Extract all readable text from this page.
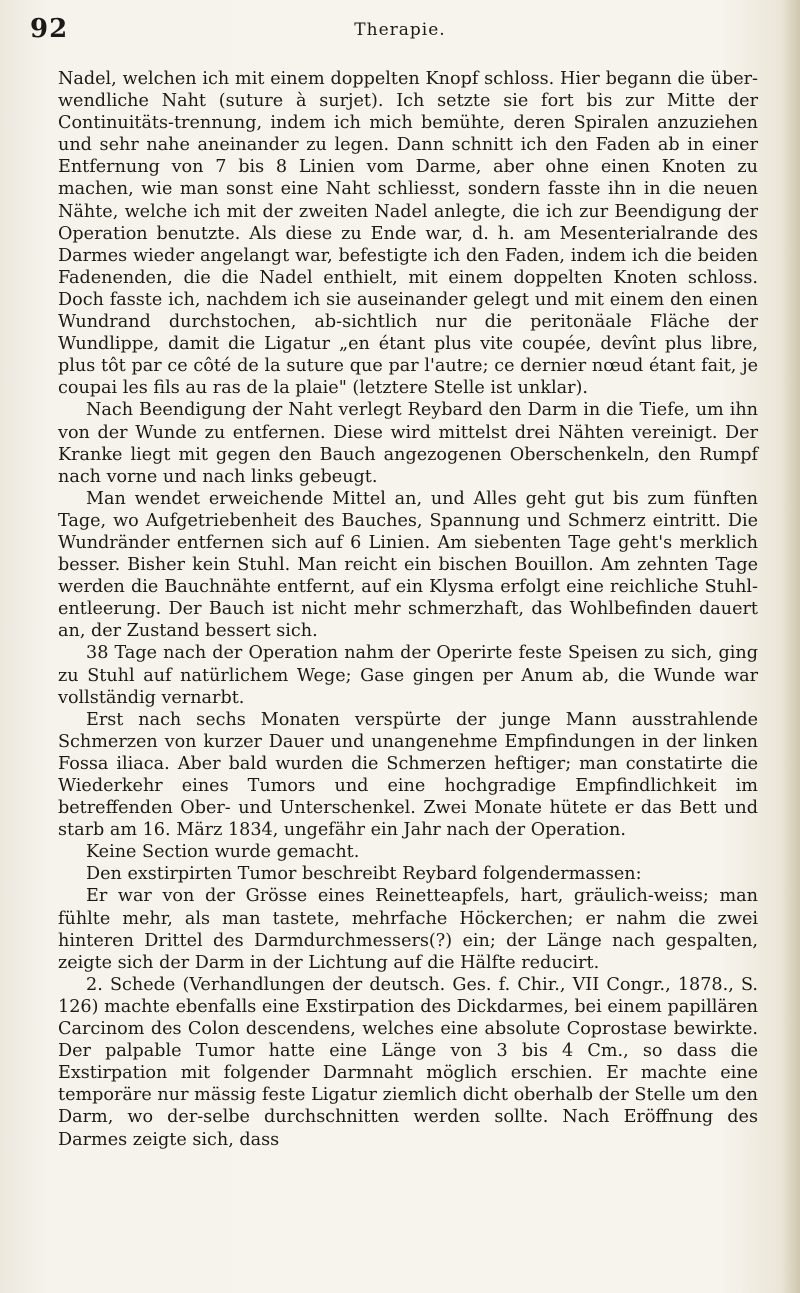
92	Therapie.

Nadel, welchen ich mit einem doppelten Knopf schloss. Hier begann die über-wendliche Naht (suture à surjet). Ich setzte sie fort bis zur Mitte der Continuitäts-trennung, indem ich mich bemühte, deren Spiralen anzuziehen und sehr nahe aneinander zu legen. Dann schnitt ich den Faden ab in einer Entfernung von 7 bis 8 Linien vom Darme, aber ohne einen Knoten zu machen, wie man sonst eine Naht schliesst, sondern fasste ihn in die neuen Nähte, welche ich mit der zweiten Nadel anlegte, die ich zur Beendigung der Operation benutzte. Als diese zu Ende war, d. h. am Mesenterialrande des Darmes wieder angelangt war, befestigte ich den Faden, indem ich die beiden Fadenenden, die die Nadel enthielt, mit einem doppelten Knoten schloss. Doch fasste ich, nachdem ich sie auseinander gelegt und mit einem den einen Wundrand durchstochen, ab-sichtlich nur die peritonäale Fläche der Wundlippe, damit die Ligatur „en étant plus vite coupée, devînt plus libre, plus tôt par ce côté de la suture que par l'autre; ce dernier nœud étant fait, je coupai les fils au ras de la plaie" (letztere Stelle ist unklar).

Nach Beendigung der Naht verlegt Reybard den Darm in die Tiefe, um ihn von der Wunde zu entfernen. Diese wird mittelst drei Nähten vereinigt. Der Kranke liegt mit gegen den Bauch angezogenen Oberschenkeln, den Rumpf nach vorne und nach links gebeugt.

Man wendet erweichende Mittel an, und Alles geht gut bis zum fünften Tage, wo Aufgetriebenheit des Bauches, Spannung und Schmerz eintritt. Die Wundränder entfernen sich auf 6 Linien. Am siebenten Tage geht's merklich besser. Bisher kein Stuhl. Man reicht ein bischen Bouillon. Am zehnten Tage werden die Bauchnähte entfernt, auf ein Klysma erfolgt eine reichliche Stuhl-entleerung. Der Bauch ist nicht mehr schmerzhaft, das Wohlbefinden dauert an, der Zustand bessert sich.

38 Tage nach der Operation nahm der Operirte feste Speisen zu sich, ging zu Stuhl auf natürlichem Wege; Gase gingen per Anum ab, die Wunde war vollständig vernarbt.

Erst nach sechs Monaten verspürte der junge Mann ausstrahlende Schmerzen von kurzer Dauer und unangenehme Empfindungen in der linken Fossa iliaca. Aber bald wurden die Schmerzen heftiger; man constatirte die Wiederkehr eines Tumors und eine hochgradige Empfindlichkeit im betreffenden Ober- und Unterschenkel. Zwei Monate hütete er das Bett und starb am 16. März 1834, ungefähr ein Jahr nach der Operation.

Keine Section wurde gemacht.

Den exstirpirten Tumor beschreibt Reybard folgendermassen:

Er war von der Grösse eines Reinetteapfels, hart, gräulich-weiss; man fühlte mehr, als man tastete, mehrfache Höckerchen; er nahm die zwei hinteren Drittel des Darmdurchmessers(?) ein; der Länge nach gespalten, zeigte sich der Darm in der Lichtung auf die Hälfte reducirt.

2. Schede (Verhandlungen der deutsch. Ges. f. Chir., VII Congr., 1878., S. 126) machte ebenfalls eine Exstirpation des Dickdarmes, bei einem papillären Carcinom des Colon descendens, welches eine absolute Coprostase bewirkte. Der palpable Tumor hatte eine Länge von 3 bis 4 Cm., so dass die Exstirpation mit folgender Darmnaht möglich erschien. Er machte eine temporäre nur mässig feste Ligatur ziemlich dicht oberhalb der Stelle um den Darm, wo der-selbe durchschnitten werden sollte. Nach Eröffnung des Darmes zeigte sich, dass
